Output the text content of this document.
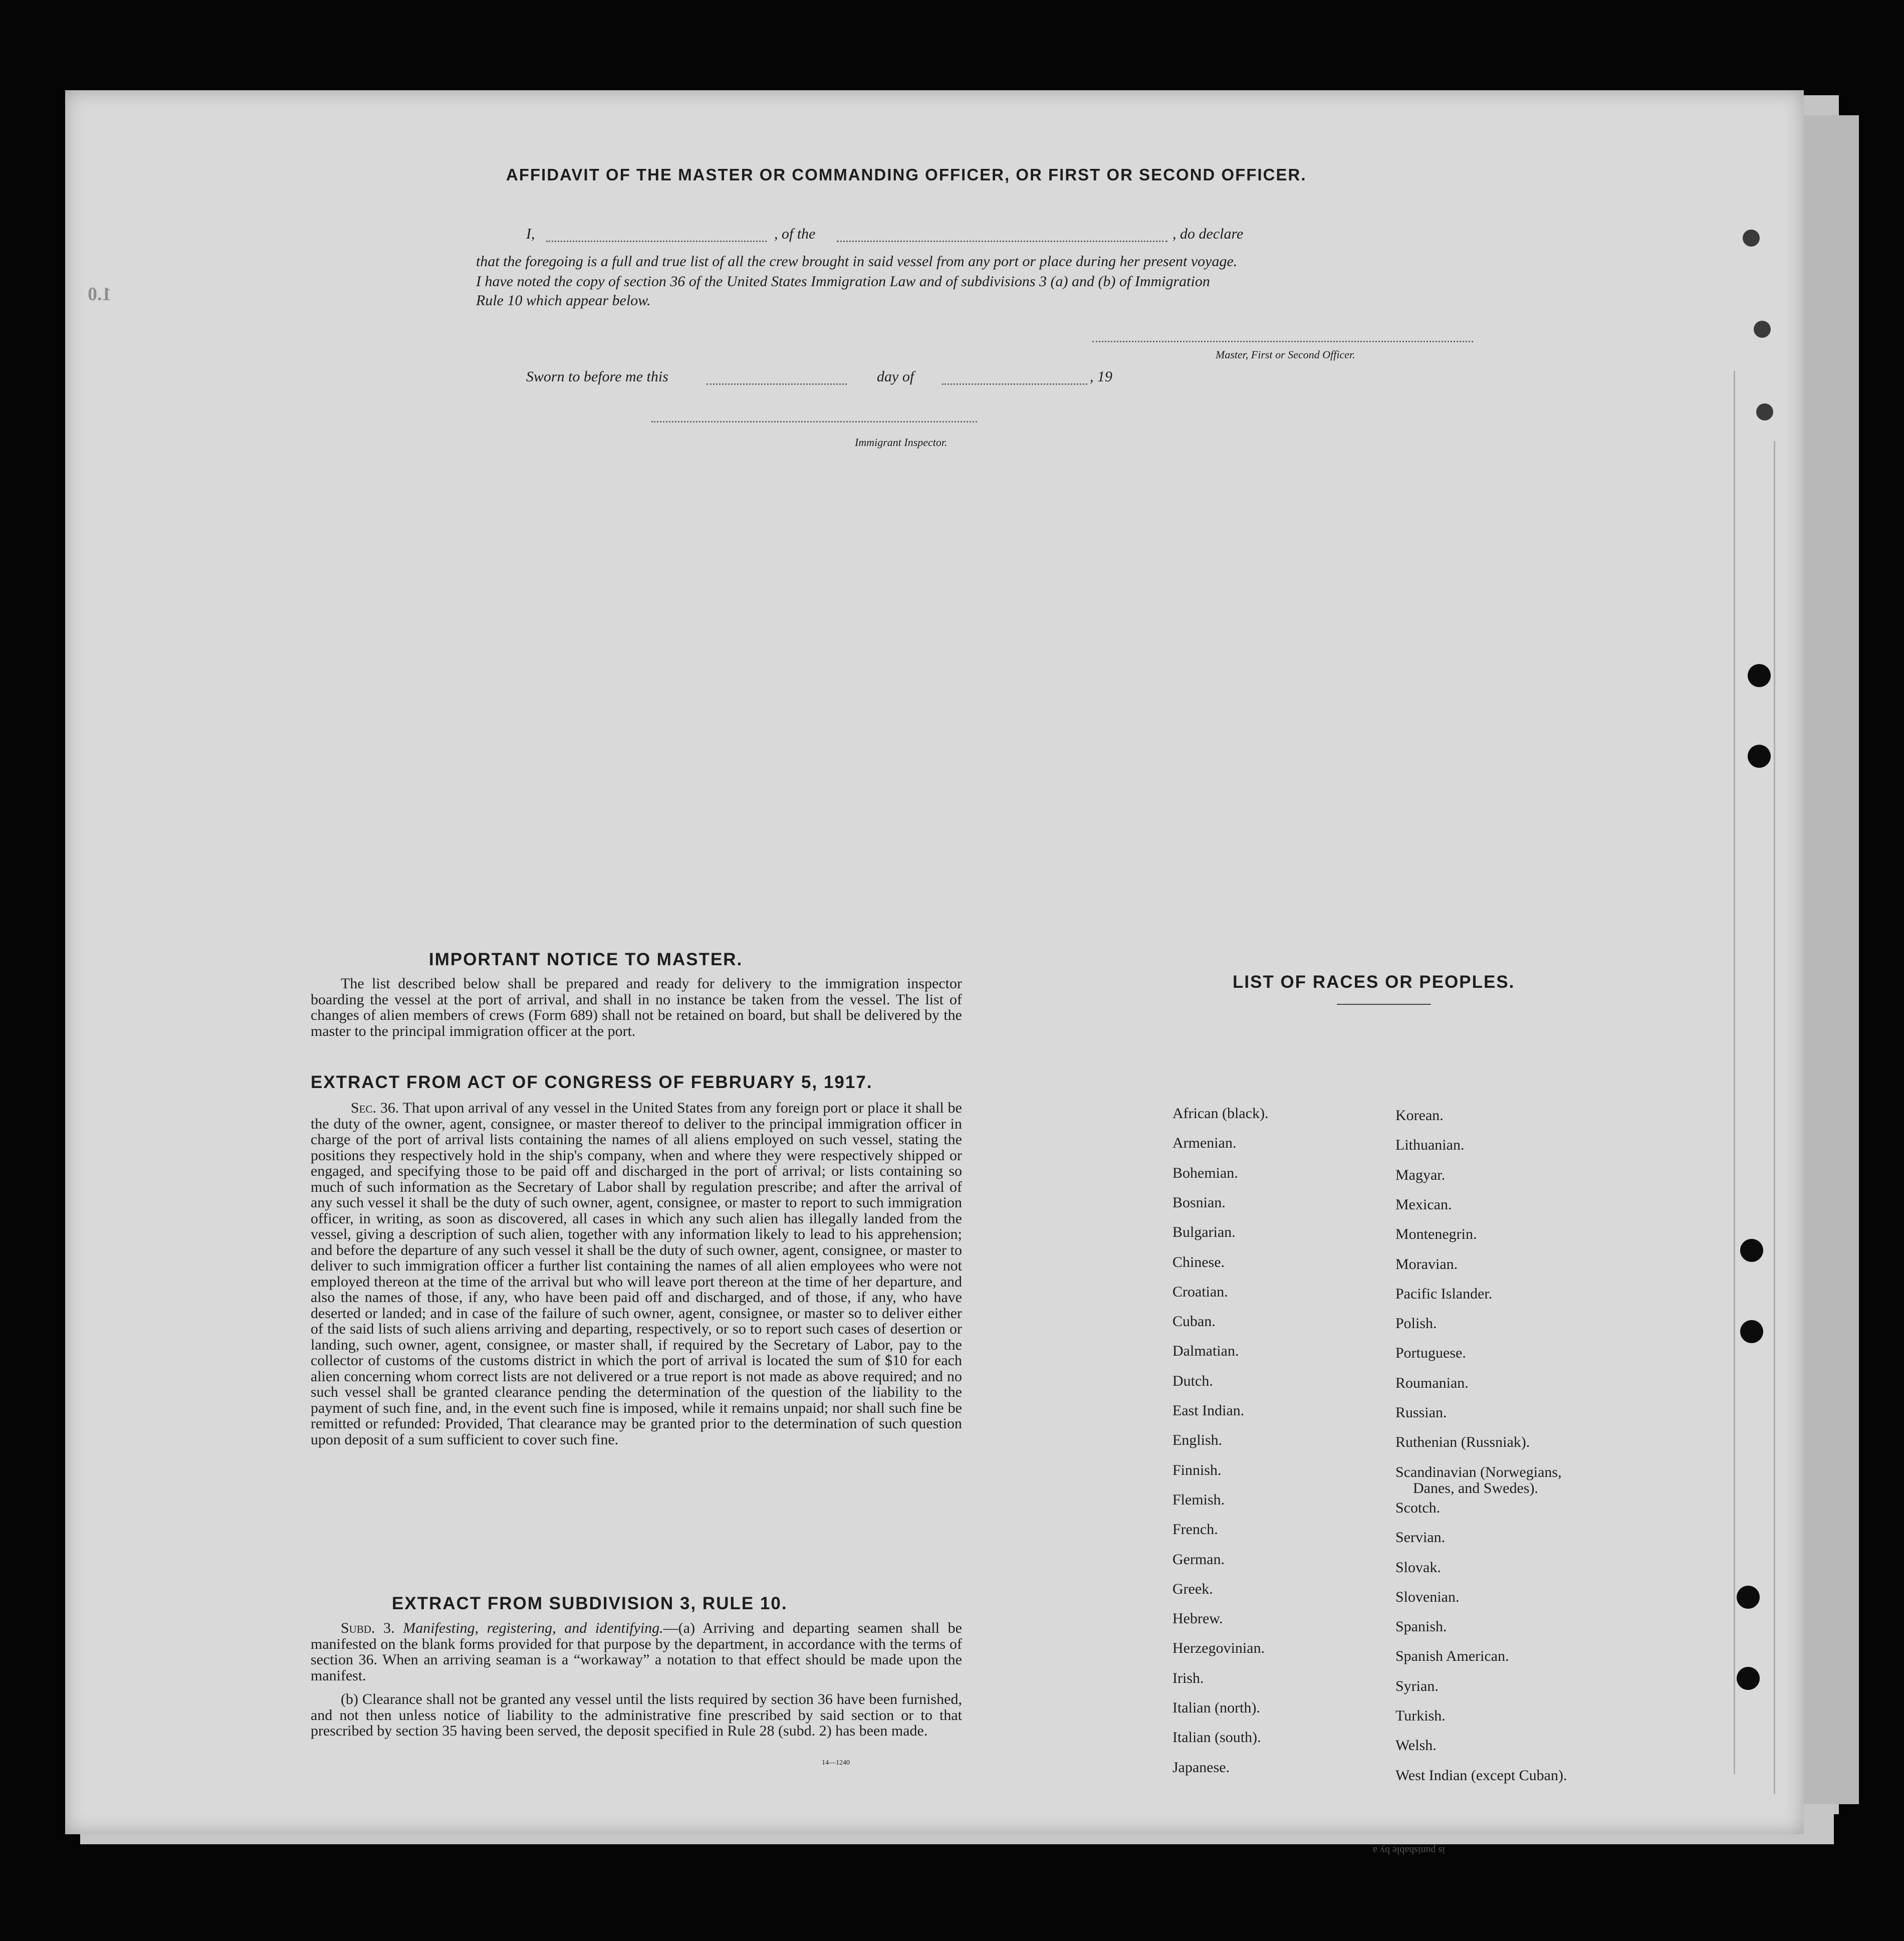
AFFIDAVIT OF THE MASTER OR COMMANDING OFFICER, OR FIRST OR SECOND OFFICER.
I,	, of the	, do declare
that the foregoing is a full and true list of all the crew brought in said vessel from any port or place during her present voyage.
I have noted the copy of section 36 of the United States Immigration Law and of subdivisions 3 (a) and (b) of Immigration
Rule 10 which appear below.
Master, First or Second Officer.
Sworn to before me this	day of	, 19
Immigrant Inspector.
1.0
IMPORTANT NOTICE TO MASTER.
The list described below shall be prepared and ready for delivery to the immigration inspector boarding the vessel at the port of arrival, and shall in no instance be taken from the vessel. The list of changes of alien members of crews (Form 689) shall not be retained on board, but shall be delivered by the master to the principal immigration officer at the port.
EXTRACT FROM ACT OF CONGRESS OF FEBRUARY 5, 1917.
Sec. 36. That upon arrival of any vessel in the United States from any foreign port or place it shall be the duty of the owner, agent, consignee, or master thereof to deliver to the principal immigration officer in charge of the port of arrival lists containing the names of all aliens employed on such vessel, stating the positions they respectively hold in the ship's company, when and where they were respectively shipped or engaged, and specifying those to be paid off and discharged in the port of arrival; or lists containing so much of such information as the Secretary of Labor shall by regulation prescribe; and after the arrival of any such vessel it shall be the duty of such owner, agent, consignee, or master to report to such immigration officer, in writing, as soon as discovered, all cases in which any such alien has illegally landed from the vessel, giving a description of such alien, together with any information likely to lead to his apprehension; and before the departure of any such vessel it shall be the duty of such owner, agent, consignee, or master to deliver to such immigration officer a further list containing the names of all alien employees who were not employed thereon at the time of the arrival but who will leave port thereon at the time of her departure, and also the names of those, if any, who have been paid off and discharged, and of those, if any, who have deserted or landed; and in case of the failure of such owner, agent, consignee, or master so to deliver either of the said lists of such aliens arriving and departing, respectively, or so to report such cases of desertion or landing, such owner, agent, consignee, or master shall, if required by the Secretary of Labor, pay to the collector of customs of the customs district in which the port of arrival is located the sum of $10 for each alien concerning whom correct lists are not delivered or a true report is not made as above required; and no such vessel shall be granted clearance pending the determination of the question of the liability to the payment of such fine, and, in the event such fine is imposed, while it remains unpaid; nor shall such fine be remitted or refunded: Provided, That clearance may be granted prior to the determination of such question upon deposit of a sum sufficient to cover such fine.
EXTRACT FROM SUBDIVISION 3, RULE 10.
Subd. 3. Manifesting, registering, and identifying.—(a) Arriving and departing seamen shall be manifested on the blank forms provided for that purpose by the department, in accordance with the terms of section 36. When an arriving seaman is a “workaway” a notation to that effect should be made upon the manifest.
(b) Clearance shall not be granted any vessel until the lists required by section 36 have been furnished, and not then unless notice of liability to the administrative fine prescribed by said section or to that prescribed by section 35 having been served, the deposit specified in Rule 28 (subd. 2) has been made.
14—1240
LIST OF RACES OR PEOPLES.
is punishable by a
African (black).
Armenian.
Bohemian.
Bosnian.
Bulgarian.
Chinese.
Croatian.
Cuban.
Dalmatian.
Dutch.
East Indian.
English.
Finnish.
Flemish.
French.
German.
Greek.
Hebrew.
Herzegovinian.
Irish.
Italian (north).
Italian (south).
Japanese.
Korean.
Lithuanian.
Magyar.
Mexican.
Montenegrin.
Moravian.
Pacific Islander.
Polish.
Portuguese.
Roumanian.
Russian.
Ruthenian (Russniak).
Scandinavian (Norwegians,
Danes, and Swedes).
Scotch.
Servian.
Slovak.
Slovenian.
Spanish.
Spanish American.
Syrian.
Turkish.
Welsh.
West Indian (except Cuban).
